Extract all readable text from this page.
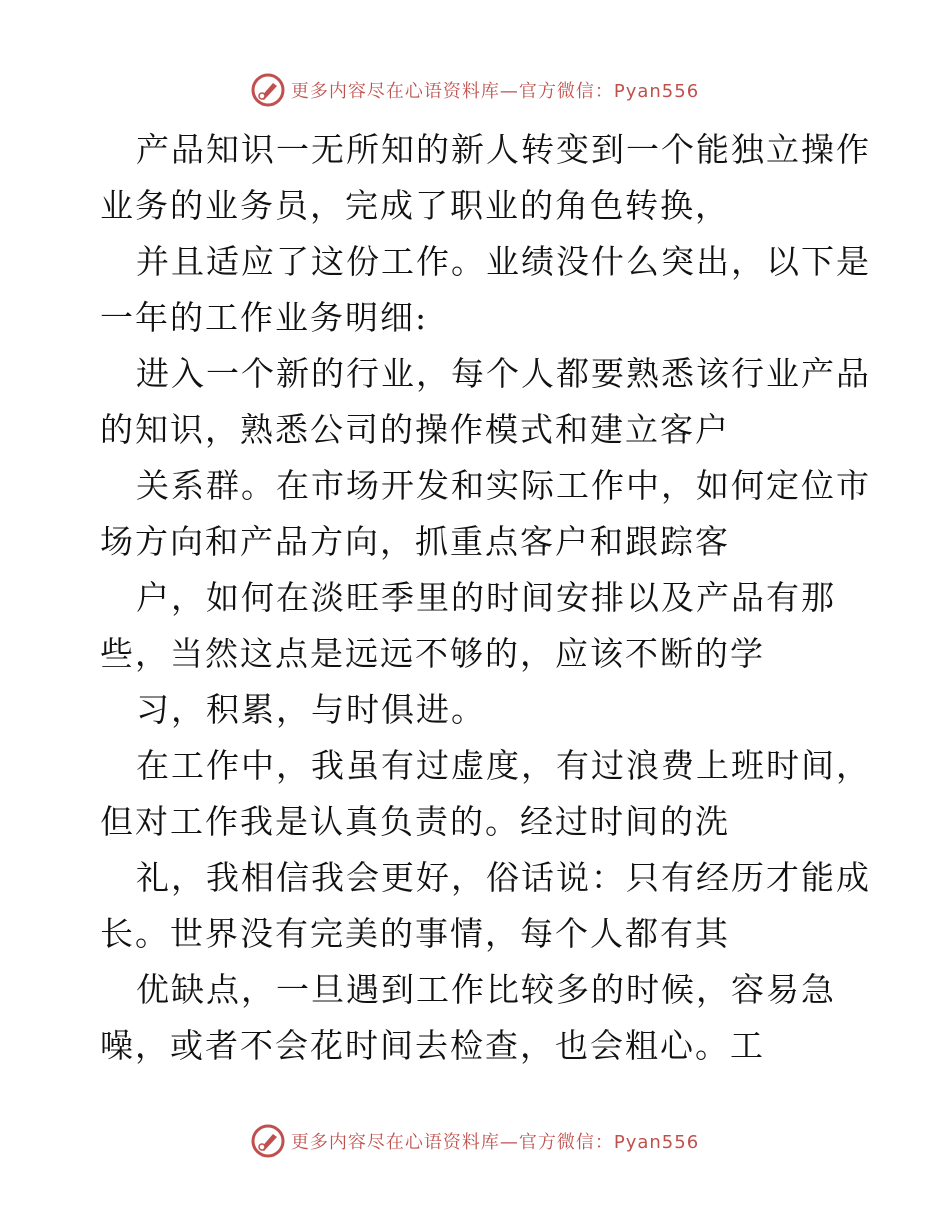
更多内容尽在心语资料库—官方微信：Pyan556
产品知识一无所知的新人转变到一个能独立操作
业务的业务员，完成了职业的角色转换，
并且适应了这份工作。业绩没什么突出，以下是
一年的工作业务明细:
进入一个新的行业，每个人都要熟悉该行业产品
的知识，熟悉公司的操作模式和建立客户
关系群。在市场开发和实际工作中，如何定位市
场方向和产品方向，抓重点客户和跟踪客
户，如何在淡旺季里的时间安排以及产品有那
些，当然这点是远远不够的，应该不断的学
习，积累，与时俱进。
在工作中，我虽有过虚度，有过浪费上班时间，
但对工作我是认真负责的。经过时间的洗
礼，我相信我会更好，俗话说：只有经历才能成
长。世界没有完美的事情，每个人都有其
优缺点，一旦遇到工作比较多的时候，容易急
噪，或者不会花时间去检查，也会粗心。工
更多内容尽在心语资料库—官方微信：Pyan556
